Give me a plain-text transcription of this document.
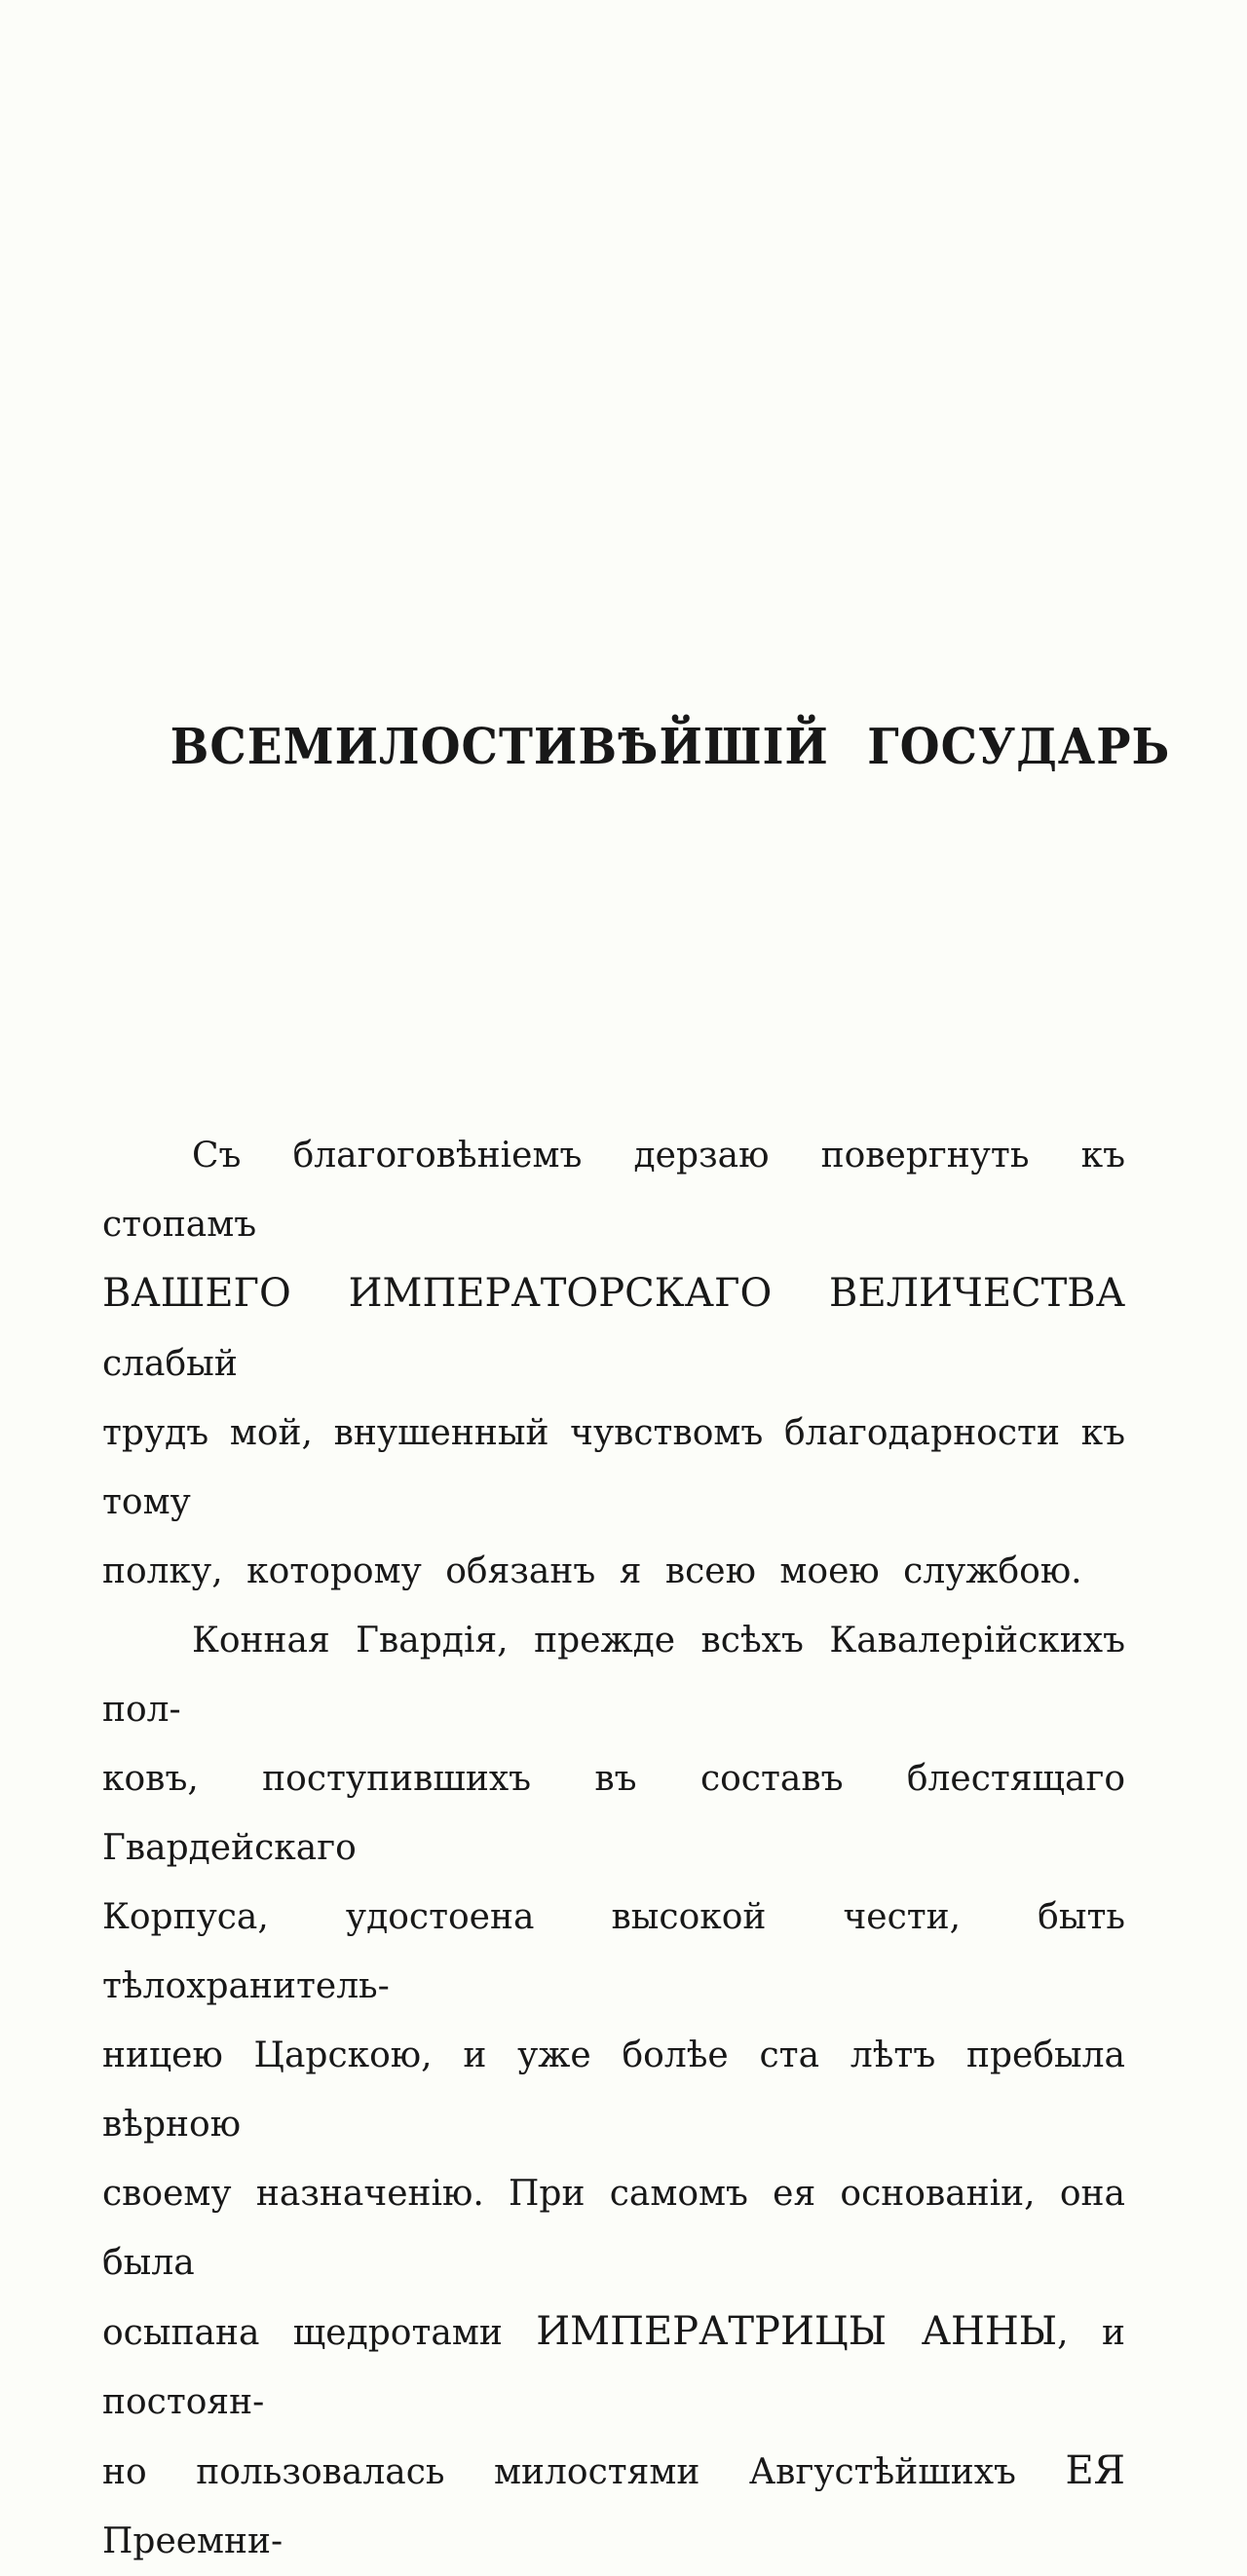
ВСЕМИЛОСТИВѢЙШІЙ ГОСУДАРЬ
Съ благоговѣніемъ дерзаю повергнуть къ стопамъ
ВАШЕГО ИМПЕРАТОРСКАГО ВЕЛИЧЕСТВА слабый
трудъ мой, внушенный чувствомъ благодарности къ тому
полку, которому обязанъ я всею моею службою.
Конная Гвардія, прежде всѣхъ Кавалерійскихъ пол-
ковъ, поступившихъ въ составъ блестящаго Гвардейскаго
Корпуса, удостоена высокой чести, быть тѣлохранитель-
ницею Царскою, и уже болѣе ста лѣтъ пребыла вѣрною
своему назначенію. При самомъ ея основаніи, она была
осыпана щедротами ИМПЕРАТРИЦЫ АННЫ, и постоян-
но пользовалась милостями Августѣйшихъ ЕЯ Преемни-
